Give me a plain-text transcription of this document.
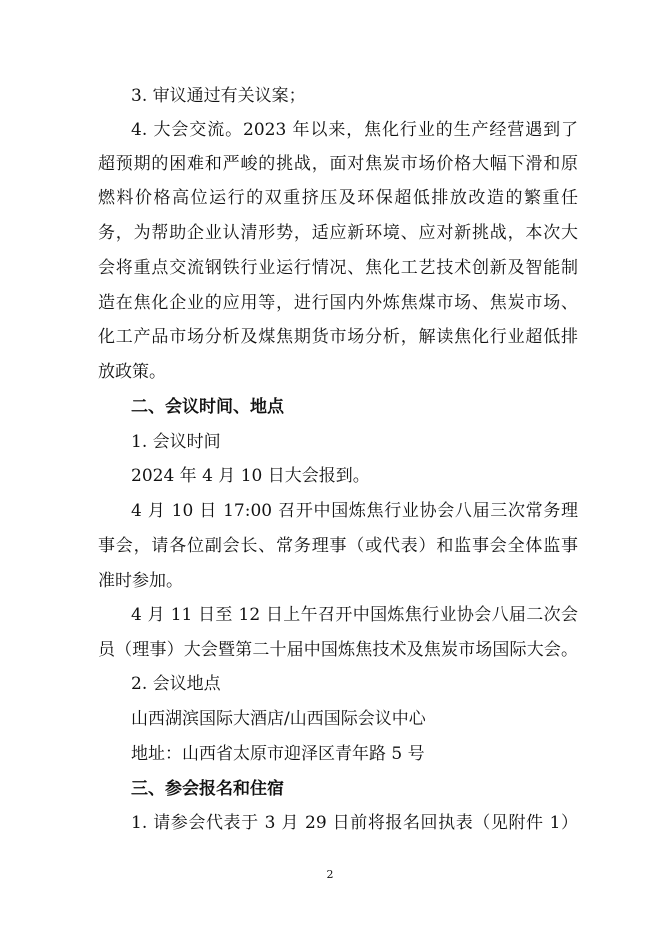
3. 审议通过有关议案；
4. 大会交流。2023 年以来，焦化行业的生产经营遇到了
超预期的困难和严峻的挑战，面对焦炭市场价格大幅下滑和原
燃料价格高位运行的双重挤压及环保超低排放改造的繁重任
务，为帮助企业认清形势，适应新环境、应对新挑战，本次大
会将重点交流钢铁行业运行情况、焦化工艺技术创新及智能制
造在焦化企业的应用等，进行国内外炼焦煤市场、焦炭市场、
化工产品市场分析及煤焦期货市场分析，解读焦化行业超低排
放政策。
二、会议时间、地点
1. 会议时间
2024 年 4 月 10 日大会报到。
4 月 10 日 17:00 召开中国炼焦行业协会八届三次常务理
事会，请各位副会长、常务理事（或代表）和监事会全体监事
准时参加。
4 月 11 日至 12 日上午召开中国炼焦行业协会八届二次会
员（理事）大会暨第二十届中国炼焦技术及焦炭市场国际大会。
2. 会议地点
山西湖滨国际大酒店/山西国际会议中心
地址：山西省太原市迎泽区青年路 5 号
三、参会报名和住宿
1. 请参会代表于 3 月 29 日前将报名回执表（见附件 1）
2
